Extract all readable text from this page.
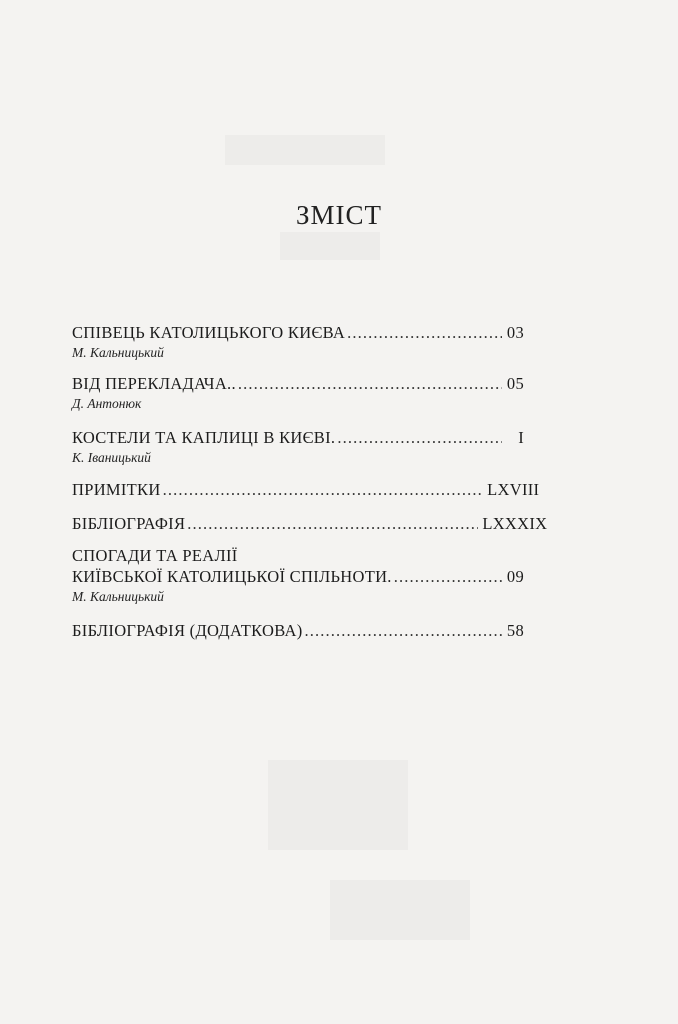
ЗМІСТ
СПІВЕЦЬ КАТОЛИЦЬКОГО КИЄВА . . .	03
М. Кальницький
ВІД ПЕРЕКЛАДАЧА.. . . .	05
Д. Антонюк
КОСТЕЛИ ТА КАПЛИЦІ В КИЄВІ. . . .	I
К. Іваницький
ПРИМІТКИ . . .	LXVIII
БІБЛІОГРАФІЯ . . .	LXXXIX
СПОГАДИ ТА РЕАЛІЇ
КИЇВСЬКОЇ КАТОЛИЦЬКОЇ СПІЛЬНОТИ. . . .	09
М. Кальницький
БІБЛІОГРАФІЯ (ДОДАТКОВА) . . .	58
